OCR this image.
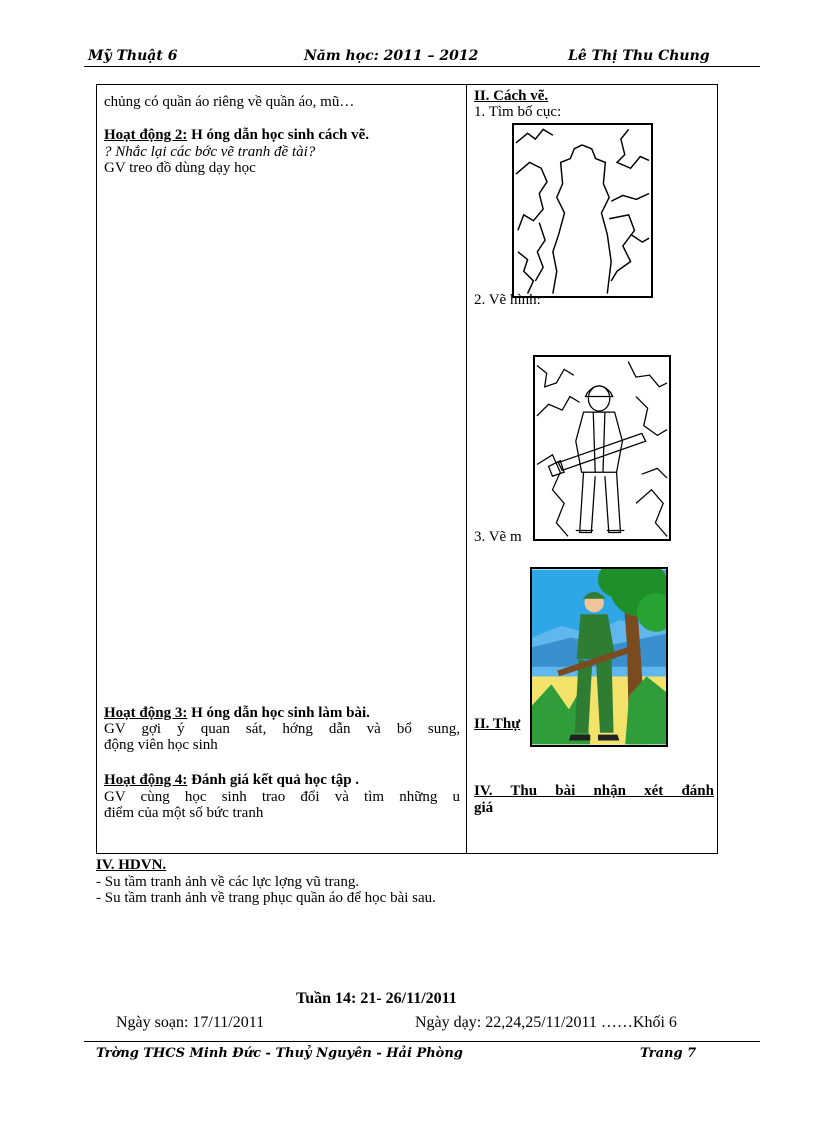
Mỹ Thuật 6	Năm học: 2011 – 2012	Lê Thị Thu Chung
chủng có quần áo riêng về quần áo, mũ…
Hoạt động 2: H óng dẫn học sinh cách vẽ.
? Nhắc lại các bớc vẽ tranh đề tài?
GV treo đồ dùng dạy học
Hoạt động 3: H óng dẫn học sinh làm bài.
GV gợi ý quan sát, hớng dẫn và bổ sung,
động viên học sinh
Hoạt động 4: Đánh giá kết quả học tập .
GV cùng học sinh trao đổi và tìm những u
điểm của một số bức tranh
II. Cách vẽ.
1. Tìm bố cục:
2. Vẽ hình:
3. Vẽ m
II. Thự
IV. Thu bài nhận xét đánh
giá
IV. HDVN.
- Su tầm tranh ảnh về các lực lợng vũ trang.
- Su tầm tranh ảnh về trang phục quần áo để học bài sau.
Tuần 14: 21- 26/11/2011
Ngày soạn: 17/11/2011	Ngày dạy: 22,24,25/11/2011 ……Khối 6
Trờng THCS Minh Đức - Thuỷ Nguyên - Hải Phòng	Trang 7
